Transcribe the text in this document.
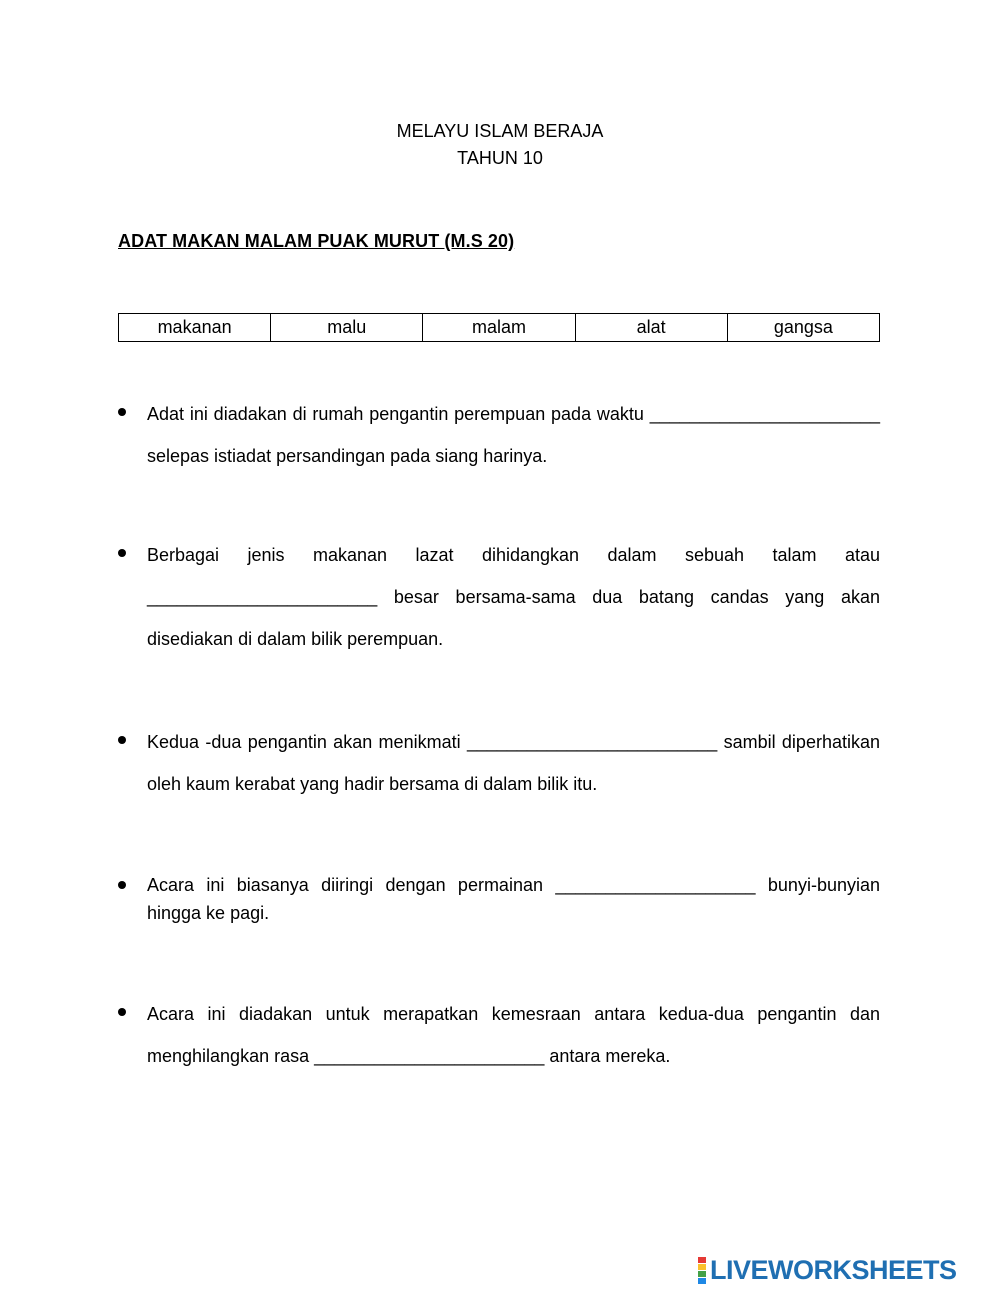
MELAYU ISLAM BERAJA
TAHUN 10
ADAT MAKAN MALAM PUAK MURUT (M.S 20)
makanan	malu	malam	alat	gangsa
Adat ini diadakan di rumah pengantin perempuan pada waktu _______________________ selepas istiadat persandingan pada siang harinya.
Berbagai jenis makanan lazat dihidangkan dalam sebuah talam atau _______________________ besar bersama-sama dua batang candas yang akan disediakan di dalam bilik perempuan.
Kedua -dua pengantin akan menikmati _________________________ sambil diperhatikan oleh kaum kerabat yang hadir bersama di dalam bilik itu.
Acara ini biasanya diiringi dengan permainan ____________________ bunyi-bunyian hingga ke pagi.
Acara ini diadakan untuk merapatkan kemesraan antara kedua-dua pengantin dan menghilangkan rasa _______________________ antara mereka.
LIVEWORKSHEETS
